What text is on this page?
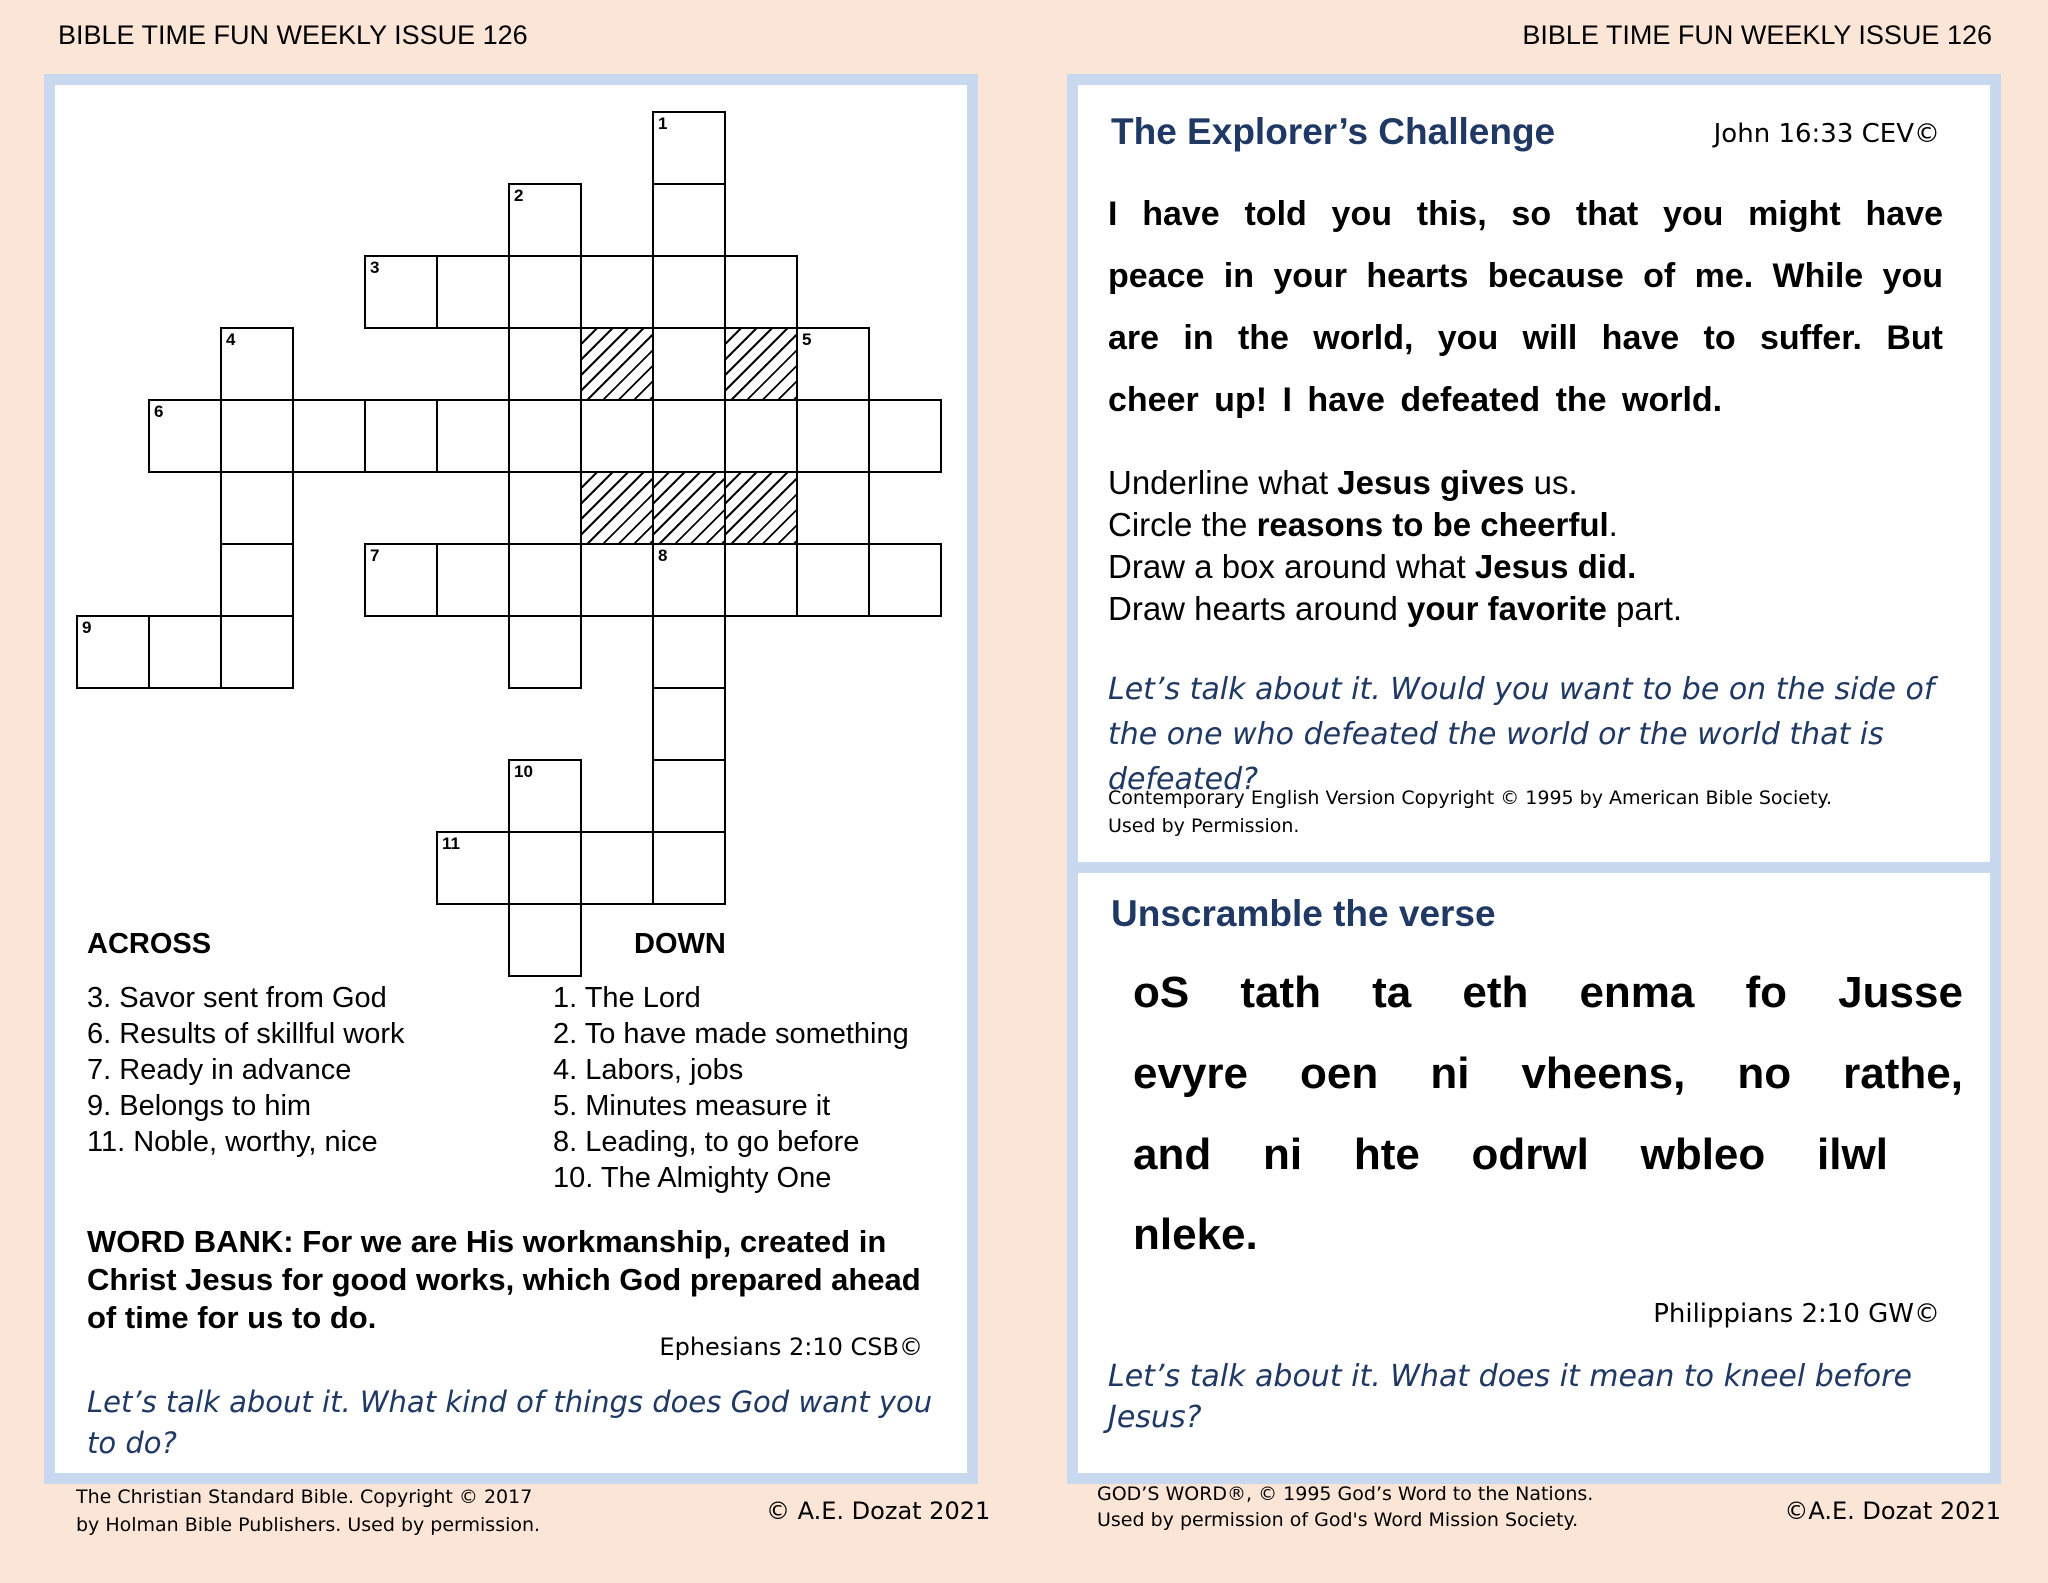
BIBLE TIME FUN WEEKLY ISSUE 126	BIBLE TIME FUN WEEKLY ISSUE 126
1
8
2
3
4	5
6
7
9
10
11
ACROSS	DOWN
3. Savor sent from God
6. Results of skillful work
7. Ready in advance
9. Belongs to him
11. Noble, worthy, nice
1. The Lord
2. To have made something
4. Labors, jobs
5. Minutes measure it
8. Leading, to go before
10. The Almighty One
WORD BANK: For we are His workmanship, created in Christ Jesus for good works, which God prepared ahead of time for us to do.
Ephesians 2:10 CSB©
Let’s talk about it. What kind of things does God want you to do?
The Christian Standard Bible. Copyright © 2017
by Holman Bible Publishers. Used by permission.	© A.E. Dozat 2021
The Explorer’s Challenge	John 16:33 CEV©
I have told you this, so that you might have peace in your hearts because of me. While you are in the world, you will have to suffer. But cheer up! I have defeated the world.
Underline what Jesus gives us.
Circle the reasons to be cheerful.
Draw a box around what Jesus did.
Draw hearts around your favorite part.
Let’s talk about it. Would you want to be on the side of the one who defeated the world or the world that is defeated?
Contemporary English Version Copyright © 1995 by American Bible Society.
Used by Permission.
Unscramble the verse
oS tath ta eth enma fo Jusse
evyre oen ni vheens, no rathe,
and ni hte odrwl wbleo ilwl
nleke.
Philippians 2:10 GW©
Let’s talk about it. What does it mean to kneel before Jesus?
GOD’S WORD®, © 1995 God’s Word to the Nations.
Used by permission of God's Word Mission Society.	©A.E. Dozat 2021
